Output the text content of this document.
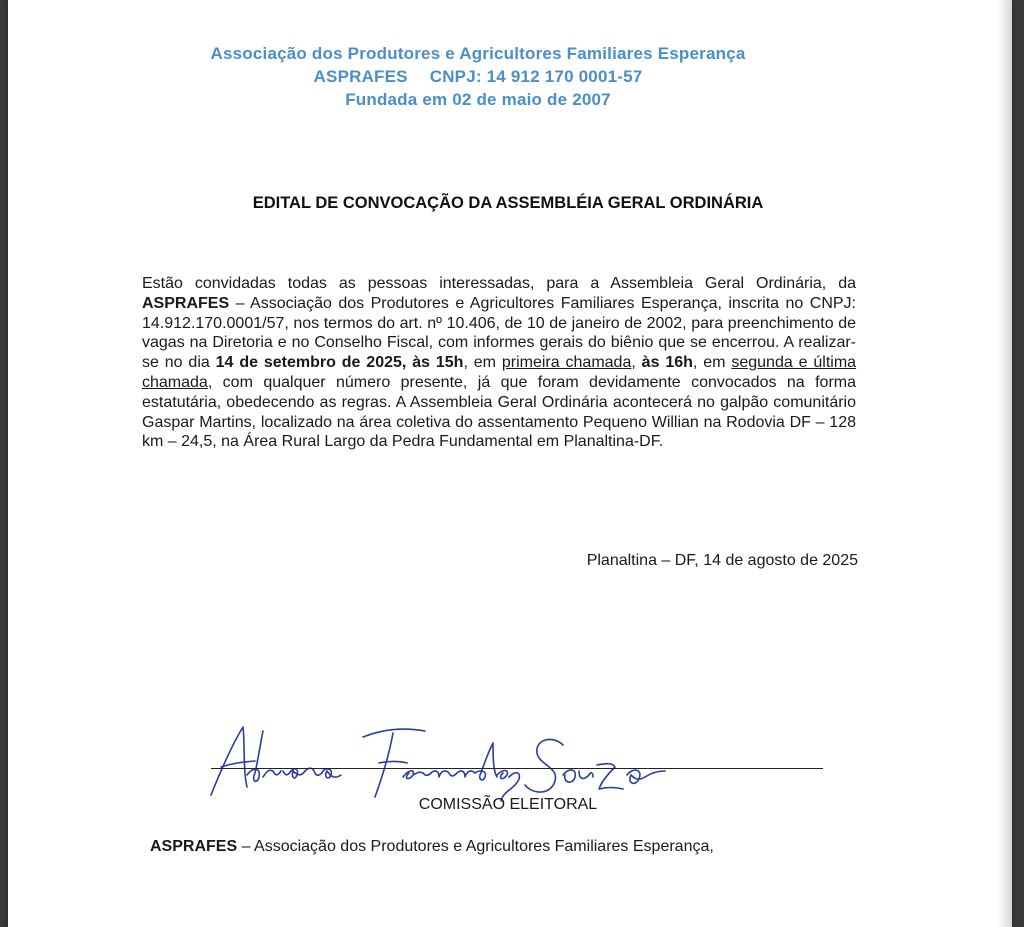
Associação dos Produtores e Agricultores Familiares Esperança
ASPRAFES CNPJ: 14 912 170 0001-57
Fundada em 02 de maio de 2007
EDITAL DE CONVOCAÇÃO DA ASSEMBLÉIA GERAL ORDINÁRIA
Estão convidadas todas as pessoas interessadas, para a Assembleia Geral Ordinária, da ASPRAFES – Associação dos Produtores e Agricultores Familiares Esperança, inscrita no CNPJ: 14.912.170.0001/57, nos termos do art. nº 10.406, de 10 de janeiro de 2002, para preenchimento de vagas na Diretoria e no Conselho Fiscal, com informes gerais do biênio que se encerrou. A realizar-se no dia 14 de setembro de 2025, às 15h, em primeira chamada, às 16h, em segunda e última chamada, com qualquer número presente, já que foram devidamente convocados na forma estatutária, obedecendo as regras. A Assembleia Geral Ordinária acontecerá no galpão comunitário Gaspar Martins, localizado na área coletiva do assentamento Pequeno Willian na Rodovia DF – 128 km – 24,5, na Área Rural Largo da Pedra Fundamental em Planaltina-DF.
Planaltina – DF, 14 de agosto de 2025
COMISSÃO ELEITORAL
ASPRAFES – Associação dos Produtores e Agricultores Familiares Esperança,
